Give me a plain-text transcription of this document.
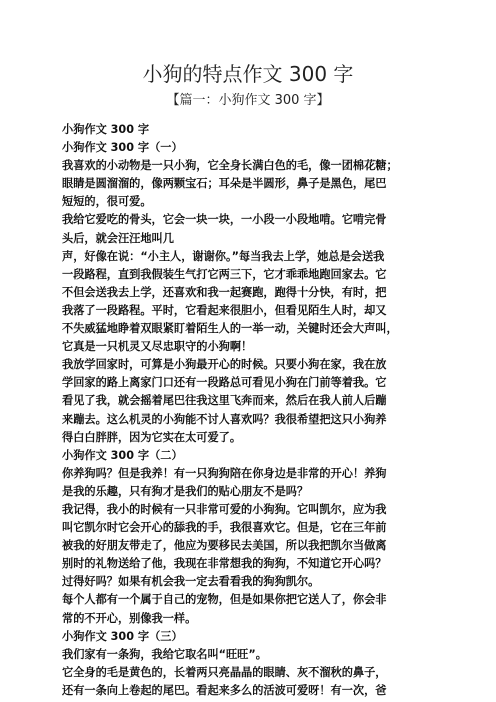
小狗的特点作文 300 字
【篇一：小狗作文 300 字】
小狗作文 300 字
小狗作文 300 字（一）
我喜欢的小动物是一只小狗，它全身长满白色的毛，像一团棉花糖；
眼睛是圆溜溜的，像两颗宝石；耳朵是半圆形，鼻子是黑色，尾巴
短短的，很可爱。
我给它爱吃的骨头，它会一块一块，一小段一小段地啃。它啃完骨
头后，就会汪汪地叫几
声，好像在说：“小主人，谢谢你。”每当我去上学，她总是会送我
一段路程，直到我假装生气打它两三下，它才乖乖地跑回家去。它
不但会送我去上学，还喜欢和我一起赛跑，跑得十分快，有时，把
我落了一段路程。平时，它看起来很胆小，但看见陌生人时，却又
不失威猛地睁着双眼紧盯着陌生人的一举一动，关键时还会大声叫，
它真是一只机灵又尽忠职守的小狗啊！
我放学回家时，可算是小狗最开心的时候。只要小狗在家，我在放
学回家的路上离家门口还有一段路总可看见小狗在门前等着我。它
看见了我，就会摇着尾巴往我这里飞奔而来，然后在我人前人后蹦
来蹦去。这么机灵的小狗能不讨人喜欢吗？我很希望把这只小狗养
得白白胖胖，因为它实在太可爱了。
小狗作文 300 字（二）
你养狗吗？但是我养！有一只狗狗陪在你身边是非常的开心！养狗
是我的乐趣，只有狗才是我们的贴心朋友不是吗？
我记得，我小的时候有一只非常可爱的小狗狗。它叫凯尔，应为我
叫它凯尔时它会开心的舔我的手，我很喜欢它。但是，它在三年前
被我的好朋友带走了，他应为要移民去美国，所以我把凯尔当做离
别时的礼物送给了他，我现在非常想我的狗狗，不知道它开心吗？
过得好吗？如果有机会我一定去看看我的狗狗凯尔。
每个人都有一个属于自己的宠物，但是如果你把它送人了，你会非
常的不开心，别像我一样。
小狗作文 300 字（三）
我们家有一条狗，我给它取名叫“旺旺”。
它全身的毛是黄色的，长着两只亮晶晶的眼睛、灰不溜秋的鼻子，
还有一条向上卷起的尾巴。看起来多么的活波可爱呀！有一次，爸
